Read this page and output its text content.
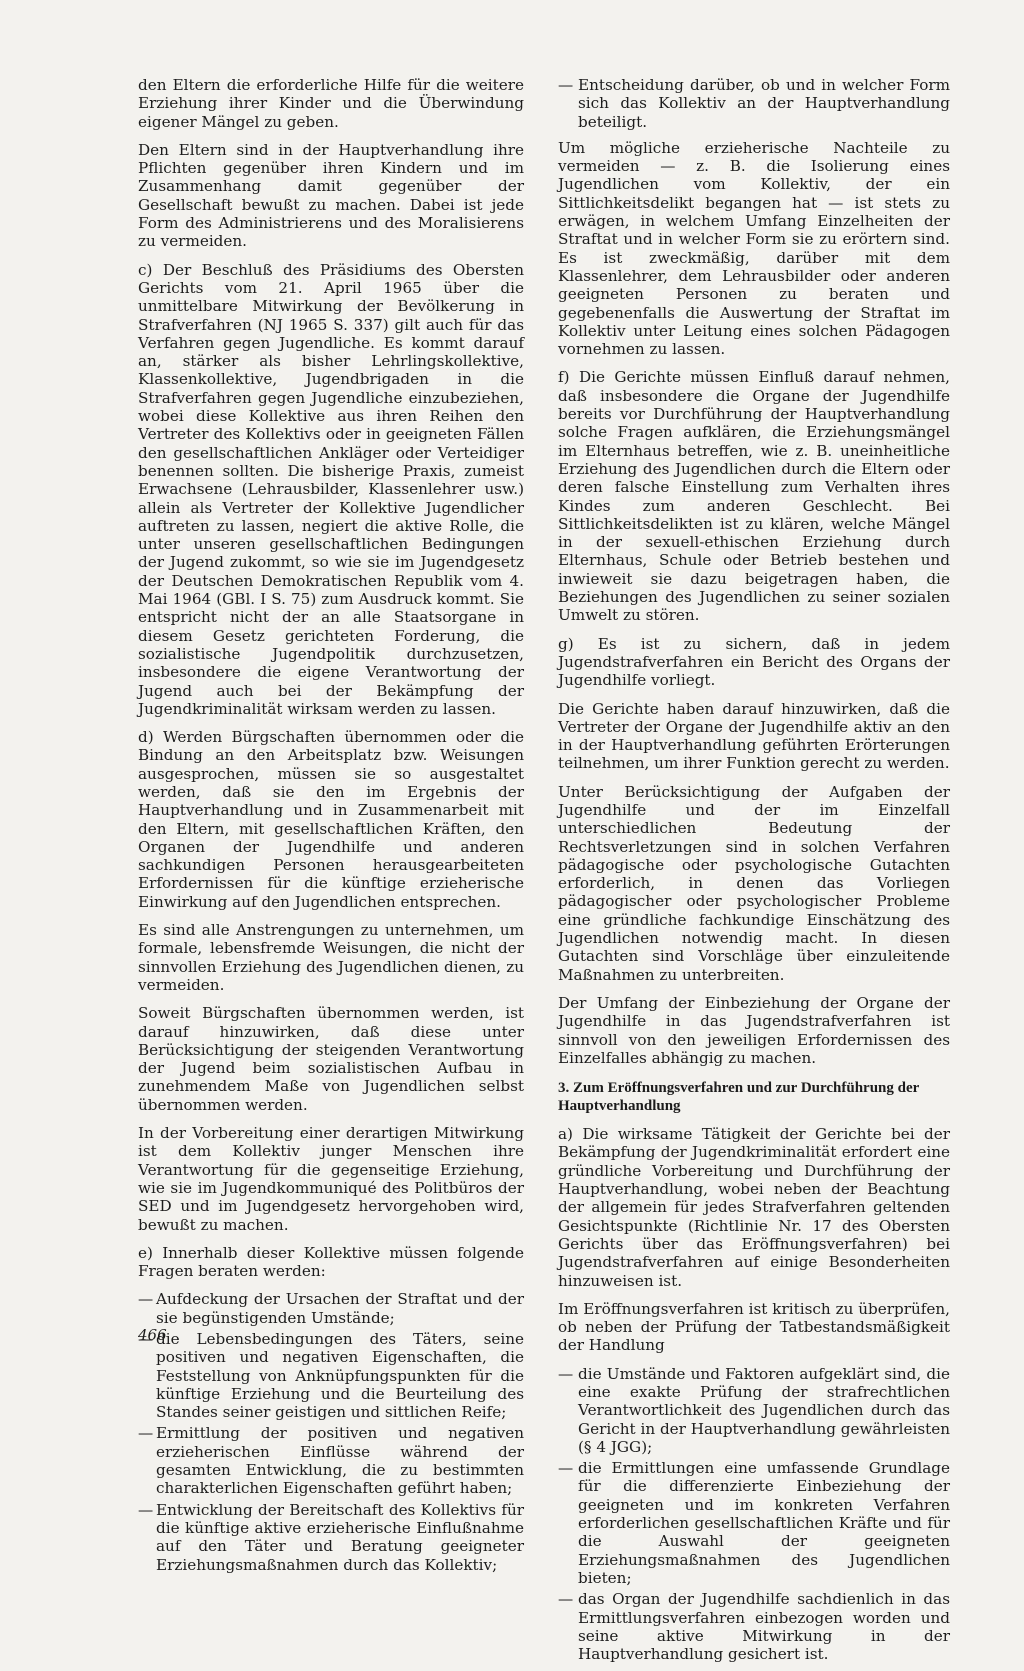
den Eltern die erforderliche Hilfe für die weitere Erziehung ihrer Kinder und die Überwindung eigener Mängel zu geben.

Den Eltern sind in der Hauptverhandlung ihre Pflichten gegenüber ihren Kindern und im Zusammenhang damit gegenüber der Gesellschaft bewußt zu machen. Dabei ist jede Form des Administrierens und des Moralisierens zu vermeiden.

c) Der Beschluß des Präsidiums des Obersten Gerichts vom 21. April 1965 über die unmittelbare Mitwirkung der Bevölkerung in Strafverfahren (NJ 1965 S. 337) gilt auch für das Verfahren gegen Jugendliche. Es kommt darauf an, stärker als bisher Lehrlingskollektive, Klassenkollektive, Jugendbrigaden in die Strafverfahren gegen Jugendliche einzubeziehen, wobei diese Kollektive aus ihren Reihen den Vertreter des Kollektivs oder in geeigneten Fällen den gesellschaftlichen Ankläger oder Verteidiger benennen sollten. Die bisherige Praxis, zumeist Erwachsene (Lehrausbilder, Klassenlehrer usw.) allein als Vertreter der Kollektive Jugendlicher auftreten zu lassen, negiert die aktive Rolle, die unter unseren gesellschaftlichen Bedingungen der Jugend zukommt, so wie sie im Jugendgesetz der Deutschen Demokratischen Republik vom 4. Mai 1964 (GBl. I S. 75) zum Ausdruck kommt. Sie entspricht nicht der an alle Staatsorgane in diesem Gesetz gerichteten Forderung, die sozialistische Jugendpolitik durchzusetzen, insbesondere die eigene Verantwortung der Jugend auch bei der Bekämpfung der Jugendkriminalität wirksam werden zu lassen.

d) Werden Bürgschaften übernommen oder die Bindung an den Arbeitsplatz bzw. Weisungen ausgesprochen, müssen sie so ausgestaltet werden, daß sie den im Ergebnis der Hauptverhandlung und in Zusammenarbeit mit den Eltern, mit gesellschaftlichen Kräften, den Organen der Jugendhilfe und anderen sachkundigen Personen herausgearbeiteten Erfordernissen für die künftige erzieherische Einwirkung auf den Jugendlichen entsprechen.

Es sind alle Anstrengungen zu unternehmen, um formale, lebensfremde Weisungen, die nicht der sinnvollen Erziehung des Jugendlichen dienen, zu vermeiden.

Soweit Bürgschaften übernommen werden, ist darauf hinzuwirken, daß diese unter Berücksichtigung der steigenden Verantwortung der Jugend beim sozialistischen Aufbau in zunehmendem Maße von Jugendlichen selbst übernommen werden.

In der Vorbereitung einer derartigen Mitwirkung ist dem Kollektiv junger Menschen ihre Verantwortung für die gegenseitige Erziehung, wie sie im Jugendkommuniqué des Politbüros der SED und im Jugendgesetz hervorgehoben wird, bewußt zu machen.

e) Innerhalb dieser Kollektive müssen folgende Fragen beraten werden:

— Aufdeckung der Ursachen der Straftat und der sie begünstigenden Umstände;
— die Lebensbedingungen des Täters, seine positiven und negativen Eigenschaften, die Feststellung von Anknüpfungspunkten für die künftige Erziehung und die Beurteilung des Standes seiner geistigen und sittlichen Reife;
— Ermittlung der positiven und negativen erzieherischen Einflüsse während der gesamten Entwicklung, die zu bestimmten charakterlichen Eigenschaften geführt haben;
— Entwicklung der Bereitschaft des Kollektivs für die künftige aktive erzieherische Einflußnahme auf den Täter und Beratung geeigneter Erziehungsmaßnahmen durch das Kollektiv;
— Entscheidung darüber, ob und in welcher Form sich das Kollektiv an der Hauptverhandlung beteiligt.

Um mögliche erzieherische Nachteile zu vermeiden — z. B. die Isolierung eines Jugendlichen vom Kollektiv, der ein Sittlichkeitsdelikt begangen hat — ist stets zu erwägen, in welchem Umfang Einzelheiten der Straftat und in welcher Form sie zu erörtern sind. Es ist zweckmäßig, darüber mit dem Klassenlehrer, dem Lehrausbilder oder anderen geeigneten Personen zu beraten und gegebenenfalls die Auswertung der Straftat im Kollektiv unter Leitung eines solchen Pädagogen vornehmen zu lassen.

f) Die Gerichte müssen Einfluß darauf nehmen, daß insbesondere die Organe der Jugendhilfe bereits vor Durchführung der Hauptverhandlung solche Fragen aufklären, die Erziehungsmängel im Elternhaus betreffen, wie z. B. uneinheitliche Erziehung des Jugendlichen durch die Eltern oder deren falsche Einstellung zum Verhalten ihres Kindes zum anderen Geschlecht. Bei Sittlichkeitsdelikten ist zu klären, welche Mängel in der sexuell-ethischen Erziehung durch Elternhaus, Schule oder Betrieb bestehen und inwieweit sie dazu beigetragen haben, die Beziehungen des Jugendlichen zu seiner sozialen Umwelt zu stören.

g) Es ist zu sichern, daß in jedem Jugendstrafverfahren ein Bericht des Organs der Jugendhilfe vorliegt.

Die Gerichte haben darauf hinzuwirken, daß die Vertreter der Organe der Jugendhilfe aktiv an den in der Hauptverhandlung geführten Erörterungen teilnehmen, um ihrer Funktion gerecht zu werden.

Unter Berücksichtigung der Aufgaben der Jugendhilfe und der im Einzelfall unterschiedlichen Bedeutung der Rechtsverletzungen sind in solchen Verfahren pädagogische oder psychologische Gutachten erforderlich, in denen das Vorliegen pädagogischer oder psychologischer Probleme eine gründliche fachkundige Einschätzung des Jugendlichen notwendig macht. In diesen Gutachten sind Vorschläge über einzuleitende Maßnahmen zu unterbreiten.

Der Umfang der Einbeziehung der Organe der Jugendhilfe in das Jugendstrafverfahren ist sinnvoll von den jeweiligen Erfordernissen des Einzelfalles abhängig zu machen.

3. Zum Eröffnungsverfahren und zur Durchführung der Hauptverhandlung

a) Die wirksame Tätigkeit der Gerichte bei der Bekämpfung der Jugendkriminalität erfordert eine gründliche Vorbereitung und Durchführung der Hauptverhandlung, wobei neben der Beachtung der allgemein für jedes Strafverfahren geltenden Gesichtspunkte (Richtlinie Nr. 17 des Obersten Gerichts über das Eröffnungsverfahren) bei Jugendstrafverfahren auf einige Besonderheiten hinzuweisen ist.

Im Eröffnungsverfahren ist kritisch zu überprüfen, ob neben der Prüfung der Tatbestandsmäßigkeit der Handlung

— die Umstände und Faktoren aufgeklärt sind, die eine exakte Prüfung der strafrechtlichen Verantwortlichkeit des Jugendlichen durch das Gericht in der Hauptverhandlung gewährleisten (§ 4 JGG);
— die Ermittlungen eine umfassende Grundlage für die differenzierte Einbeziehung der geeigneten und im konkreten Verfahren erforderlichen gesellschaftlichen Kräfte und für die Auswahl der geeigneten Erziehungsmaßnahmen des Jugendlichen bieten;
— das Organ der Jugendhilfe sachdienlich in das Ermittlungsverfahren einbezogen worden und seine aktive Mitwirkung in der Hauptverhandlung gesichert ist.
466
